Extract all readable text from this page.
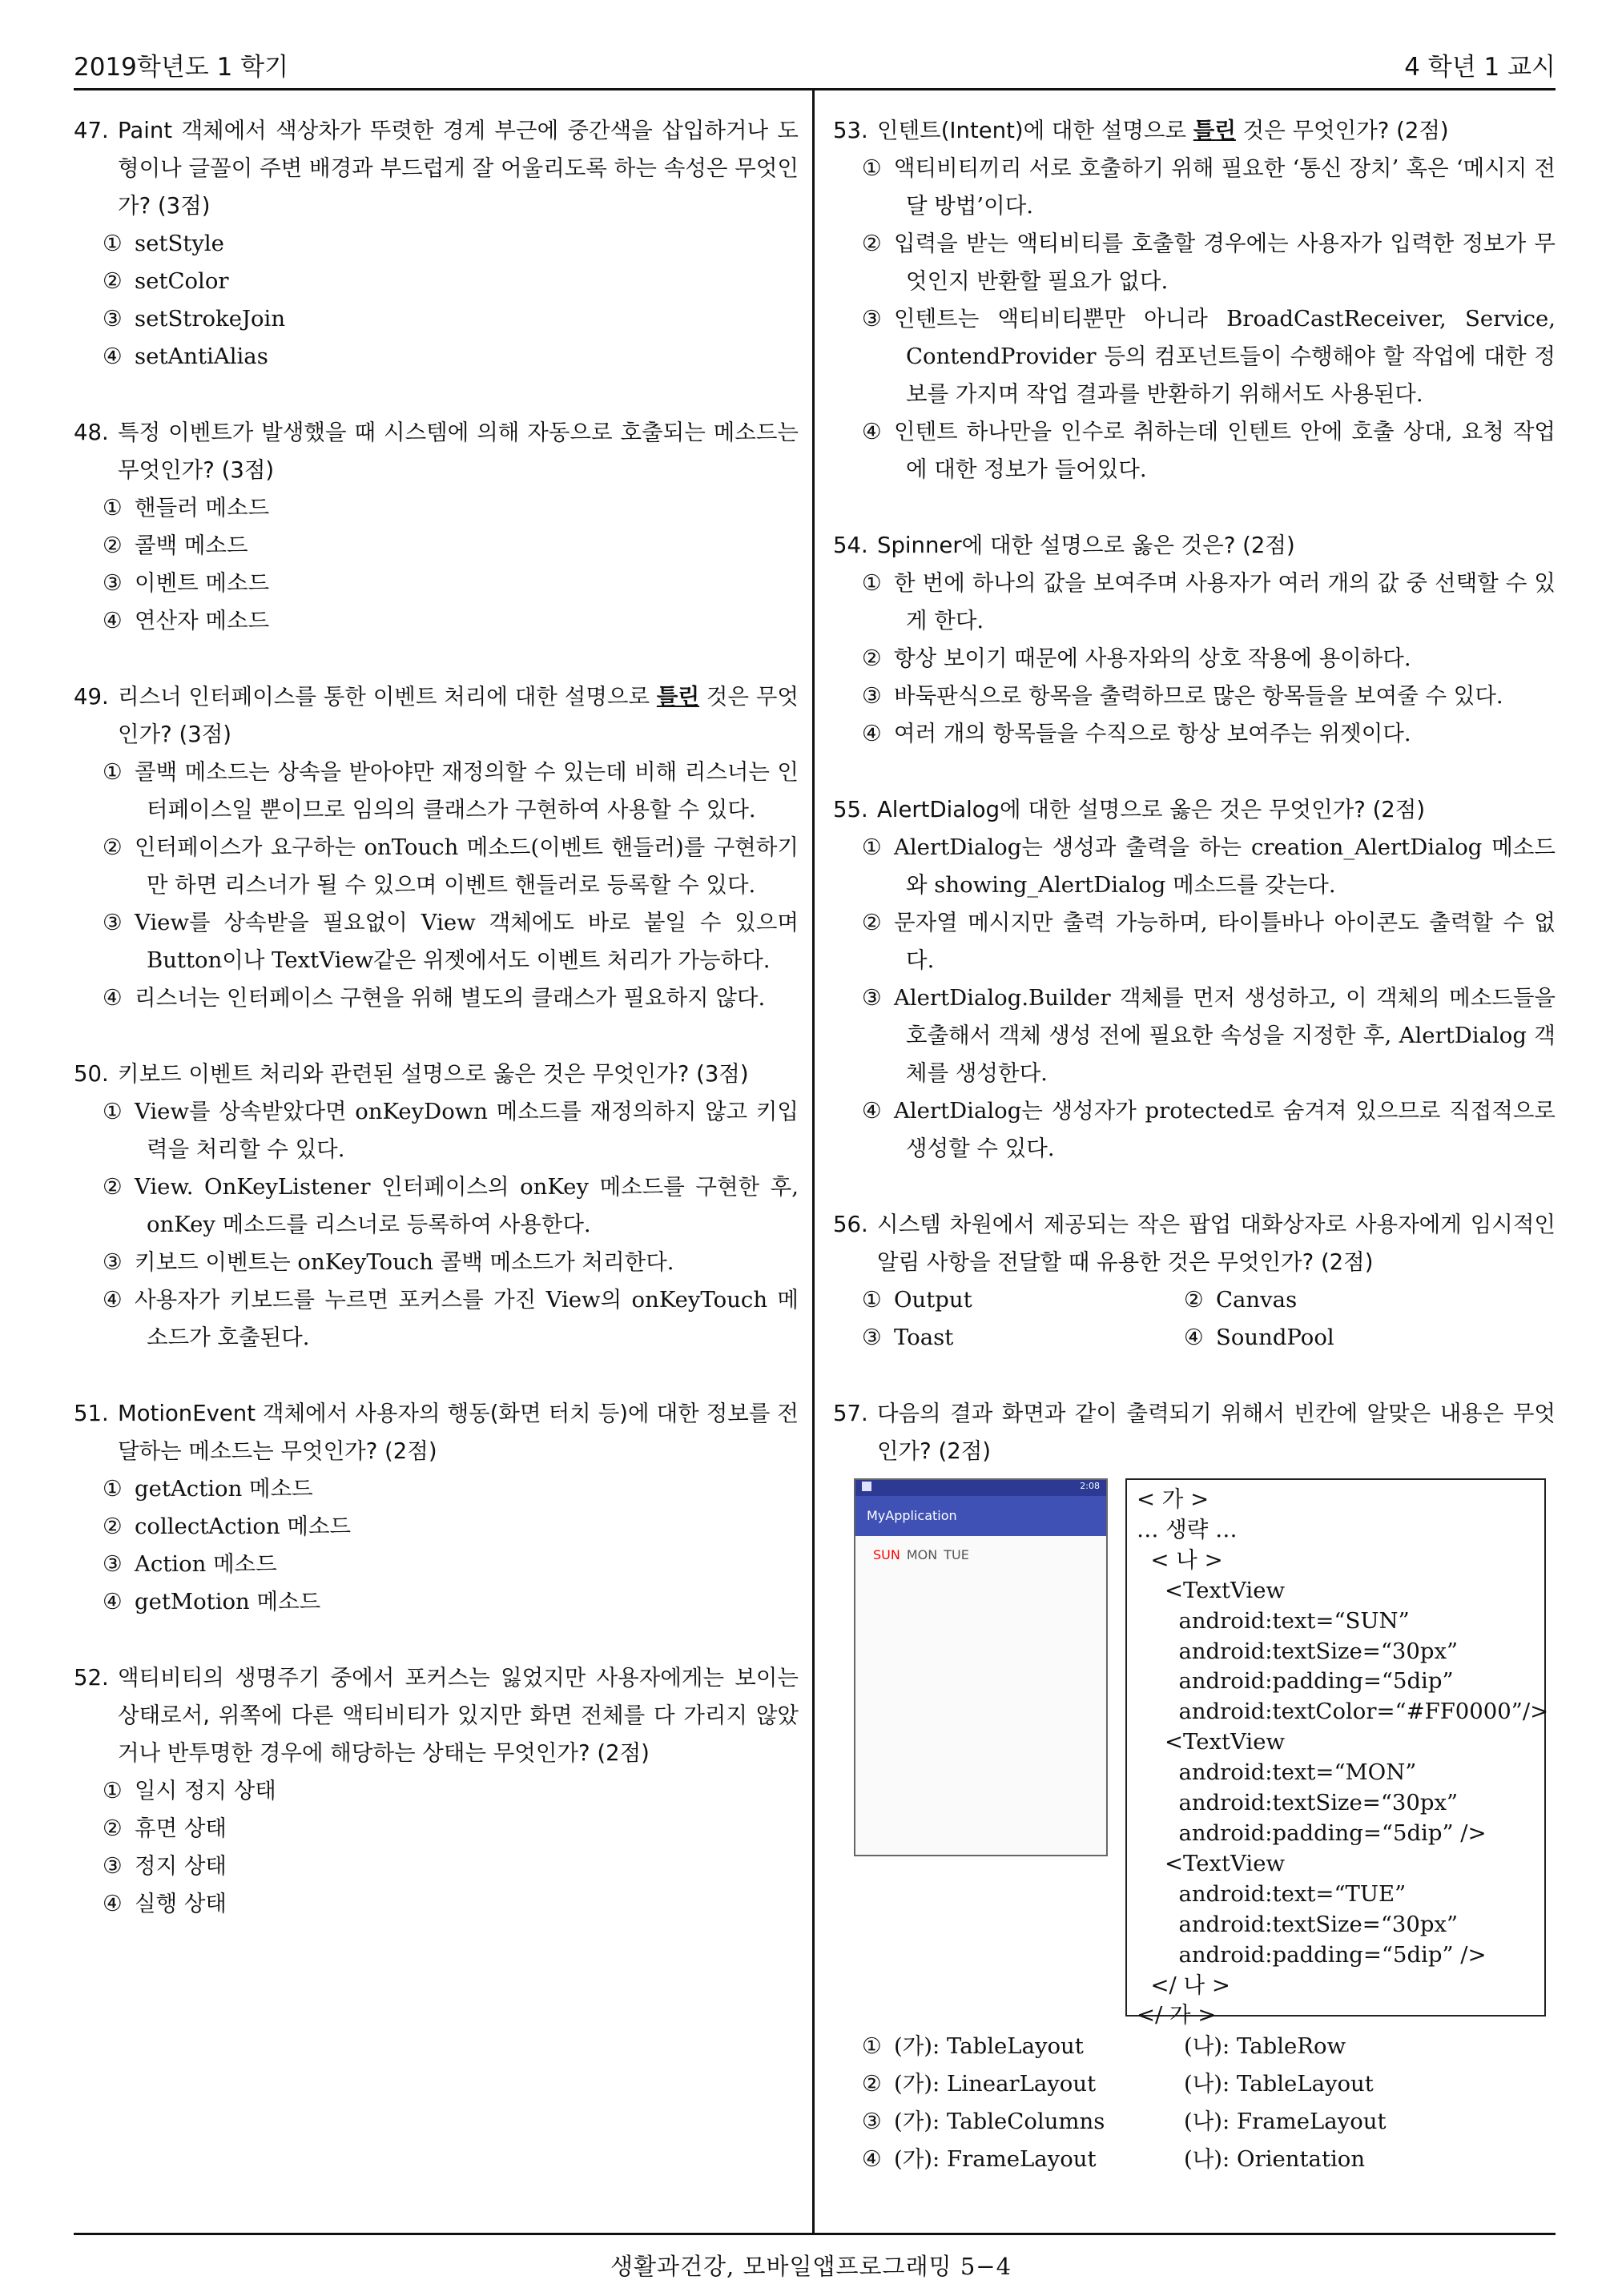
2019학년도 1 학기	4 학년 1 교시
47. Paint 객체에서 색상차가 뚜렷한 경계 부근에 중간색을 삽입하거나 도형이나 글꼴이 주변 배경과 부드럽게 잘 어울리도록 하는 속성은 무엇인가? (3점)
① setStyle
② setColor
③ setStrokeJoin
④ setAntiAlias
48. 특정 이벤트가 발생했을 때 시스템에 의해 자동으로 호출되는 메소드는 무엇인가? (3점)
① 핸들러 메소드
② 콜백 메소드
③ 이벤트 메소드
④ 연산자 메소드
49. 리스너 인터페이스를 통한 이벤트 처리에 대한 설명으로 틀린 것은 무엇인가? (3점)
① 콜백 메소드는 상속을 받아야만 재정의할 수 있는데 비해 리스너는 인터페이스일 뿐이므로 임의의 클래스가 구현하여 사용할 수 있다.
② 인터페이스가 요구하는 onTouch 메소드(이벤트 핸들러)를 구현하기만 하면 리스너가 될 수 있으며 이벤트 핸들러로 등록할 수 있다.
③ View를 상속받을 필요없이 View 객체에도 바로 붙일 수 있으며 Button이나 TextView같은 위젯에서도 이벤트 처리가 가능하다.
④ 리스너는 인터페이스 구현을 위해 별도의 클래스가 필요하지 않다.
50. 키보드 이벤트 처리와 관련된 설명으로 옳은 것은 무엇인가? (3점)
① View를 상속받았다면 onKeyDown 메소드를 재정의하지 않고 키입력을 처리할 수 있다.
② View. OnKeyListener 인터페이스의 onKey 메소드를 구현한 후, onKey 메소드를 리스너로 등록하여 사용한다.
③ 키보드 이벤트는 onKeyTouch 콜백 메소드가 처리한다.
④ 사용자가 키보드를 누르면 포커스를 가진 View의 onKeyTouch 메소드가 호출된다.
51. MotionEvent 객체에서 사용자의 행동(화면 터치 등)에 대한 정보를 전달하는 메소드는 무엇인가? (2점)
① getAction 메소드
② collectAction 메소드
③ Action 메소드
④ getMotion 메소드
52. 액티비티의 생명주기 중에서 포커스는 잃었지만 사용자에게는 보이는 상태로서, 위쪽에 다른 액티비티가 있지만 화면 전체를 다 가리지 않았거나 반투명한 경우에 해당하는 상태는 무엇인가? (2점)
① 일시 정지 상태
② 휴면 상태
③ 정지 상태
④ 실행 상태
53. 인텐트(Intent)에 대한 설명으로 틀린 것은 무엇인가? (2점)
① 액티비티끼리 서로 호출하기 위해 필요한 ‘통신 장치’ 혹은 ‘메시지 전달 방법’이다.
② 입력을 받는 액티비티를 호출할 경우에는 사용자가 입력한 정보가 무엇인지 반환할 필요가 없다.
③ 인텐트는 액티비티뿐만 아니라 BroadCastReceiver, Service, ContendProvider 등의 컴포넌트들이 수행해야 할 작업에 대한 정보를 가지며 작업 결과를 반환하기 위해서도 사용된다.
④ 인텐트 하나만을 인수로 취하는데 인텐트 안에 호출 상대, 요청 작업에 대한 정보가 들어있다.
54. Spinner에 대한 설명으로 옳은 것은? (2점)
① 한 번에 하나의 값을 보여주며 사용자가 여러 개의 값 중 선택할 수 있게 한다.
② 항상 보이기 때문에 사용자와의 상호 작용에 용이하다.
③ 바둑판식으로 항목을 출력하므로 많은 항목들을 보여줄 수 있다.
④ 여러 개의 항목들을 수직으로 항상 보여주는 위젯이다.
55. AlertDialog에 대한 설명으로 옳은 것은 무엇인가? (2점)
① AlertDialog는 생성과 출력을 하는 creation_AlertDialog 메소드와 showing_AlertDialog 메소드를 갖는다.
② 문자열 메시지만 출력 가능하며, 타이틀바나 아이콘도 출력할 수 없다.
③ AlertDialog.Builder 객체를 먼저 생성하고, 이 객체의 메소드들을 호출해서 객체 생성 전에 필요한 속성을 지정한 후, AlertDialog 객체를 생성한다.
④ AlertDialog는 생성자가 protected로 숨겨져 있으므로 직접적으로 생성할 수 있다.
56. 시스템 차원에서 제공되는 작은 팝업 대화상자로 사용자에게 임시적인 알림 사항을 전달할 때 유용한 것은 무엇인가? (2점)
① Output	② Canvas
③ Toast	④ SoundPool
57. 다음의 결과 화면과 같이 출력되기 위해서 빈칸에 알맞은 내용은 무엇인가? (2점)
2:08
MyApplication
SUN MON TUE
< 가 >
… 생략 …
< 나 >
<TextView
android:text=“SUN”
android:textSize=“30px”
android:padding=“5dip”
android:textColor=“#FF0000”/>
<TextView
android:text=“MON”
android:textSize=“30px”
android:padding=“5dip” />
<TextView
android:text=“TUE”
android:textSize=“30px”
android:padding=“5dip” />
</ 나 >
</ 가 >
① (가): TableLayout	(나): TableRow
② (가): LinearLayout	(나): TableLayout
③ (가): TableColumns	(나): FrameLayout
④ (가): FrameLayout	(나): Orientation
생활과건강, 모바일앱프로그래밍 5−4
